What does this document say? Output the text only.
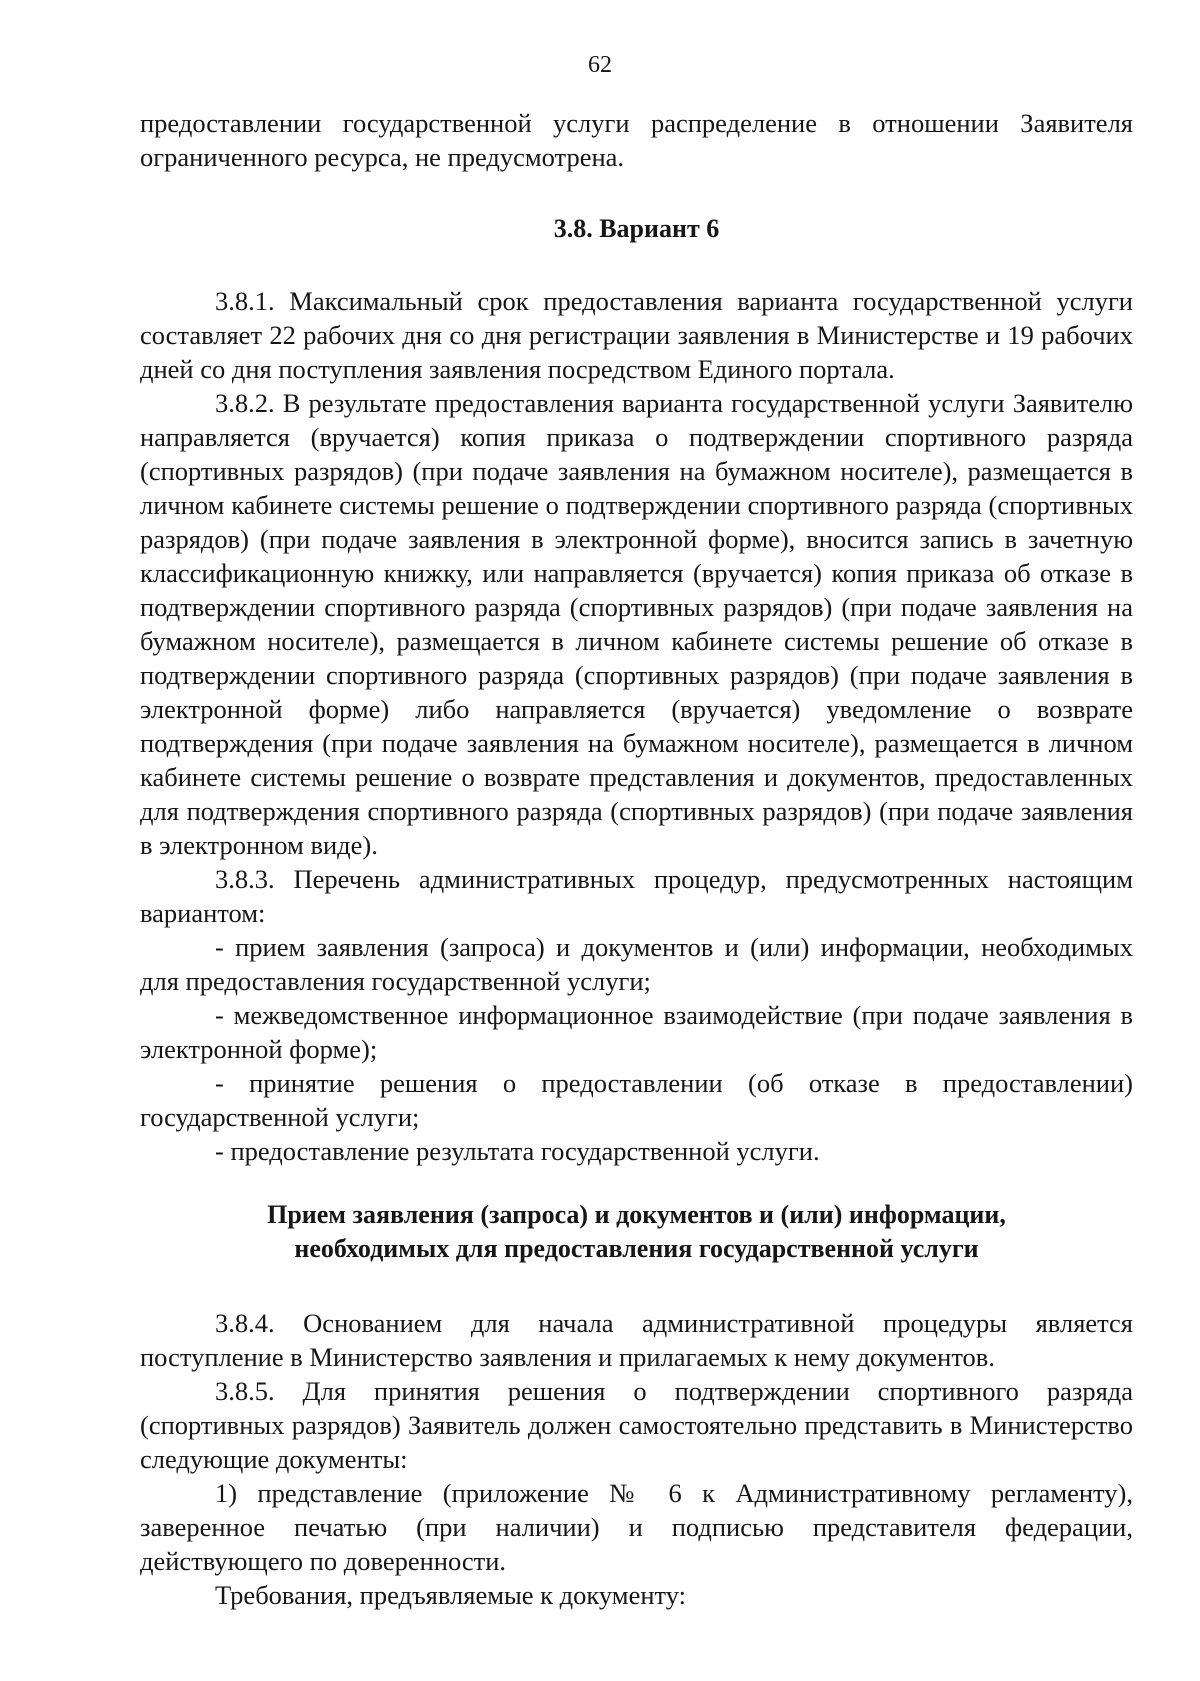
62

предоставлении государственной услуги распределение в отношении Заявителя ограниченного ресурса, не предусмотрена.

3.8. Вариант 6

3.8.1. Максимальный срок предоставления варианта государственной услуги составляет 22 рабочих дня со дня регистрации заявления в Министерстве и 19 рабочих дней со дня поступления заявления посредством Единого портала.

3.8.2. В результате предоставления варианта государственной услуги Заявителю направляется (вручается) копия приказа о подтверждении спортивного разряда (спортивных разрядов) (при подаче заявления на бумажном носителе), размещается в личном кабинете системы решение о подтверждении спортивного разряда (спортивных разрядов) (при подаче заявления в электронной форме), вносится запись в зачетную классификационную книжку, или направляется (вручается) копия приказа об отказе в подтверждении спортивного разряда (спортивных разрядов) (при подаче заявления на бумажном носителе), размещается в личном кабинете системы решение об отказе в подтверждении спортивного разряда (спортивных разрядов) (при подаче заявления в электронной форме) либо направляется (вручается) уведомление о возврате подтверждения (при подаче заявления на бумажном носителе), размещается в личном кабинете системы решение о возврате представления и документов, предоставленных для подтверждения спортивного разряда (спортивных разрядов) (при подаче заявления в электронном виде).

3.8.3. Перечень административных процедур, предусмотренных настоящим вариантом:

- прием заявления (запроса) и документов и (или) информации, необходимых для предоставления государственной услуги;

- межведомственное информационное взаимодействие (при подаче заявления в электронной форме);

- принятие решения о предоставлении (об отказе в предоставлении) государственной услуги;

- предоставление результата государственной услуги.

Прием заявления (запроса) и документов и (или) информации,
необходимых для предоставления государственной услуги

3.8.4. Основанием для начала административной процедуры является поступление в Министерство заявления и прилагаемых к нему документов.

3.8.5. Для принятия решения о подтверждении спортивного разряда (спортивных разрядов) Заявитель должен самостоятельно представить в Министерство следующие документы:

1) представление (приложение № 6 к Административному регламенту), заверенное печатью (при наличии) и подписью представителя федерации, действующего по доверенности.

Требования, предъявляемые к документу:
